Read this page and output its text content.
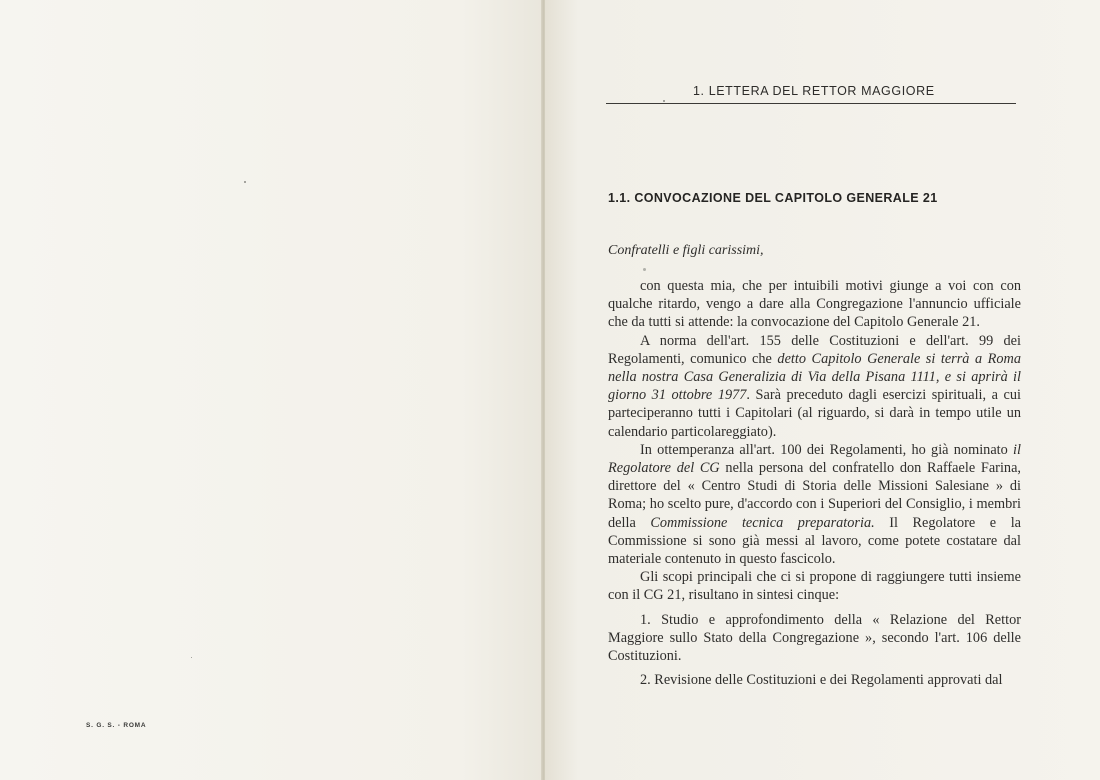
S. G. S. - ROMA
1. LETTERA DEL RETTOR MAGGIORE
1.1. CONVOCAZIONE DEL CAPITOLO GENERALE 21
Confratelli e figli carissimi,

con questa mia, che per intuibili motivi giunge a voi con con qualche ritardo, vengo a dare alla Congregazione l'annuncio ufficiale che da tutti si attende: la convocazione del Capitolo Generale 21.

A norma dell'art. 155 delle Costituzioni e dell'art. 99 dei Regolamenti, comunico che detto Capitolo Generale si terrà a Roma nella nostra Casa Generalizia di Via della Pisana 1111, e si aprirà il giorno 31 ottobre 1977. Sarà preceduto dagli esercizi spirituali, a cui parteciperanno tutti i Capitolari (al riguardo, si darà in tempo utile un calendario particolareggiato).

In ottemperanza all'art. 100 dei Regolamenti, ho già nominato il Regolatore del CG nella persona del confratello don Raffaele Farina, direttore del « Centro Studi di Storia delle Missioni Salesiane » di Roma; ho scelto pure, d'accordo con i Superiori del Consiglio, i membri della Commissione tecnica preparatoria. Il Regolatore e la Commissione si sono già messi al lavoro, come potete costatare dal materiale contenuto in questo fascicolo.

Gli scopi principali che ci si propone di raggiungere tutti insieme con il CG 21, risultano in sintesi cinque:

1. Studio e approfondimento della « Relazione del Rettor Maggiore sullo Stato della Congregazione », secondo l'art. 106 delle Costituzioni.

2. Revisione delle Costituzioni e dei Regolamenti approvati dal
